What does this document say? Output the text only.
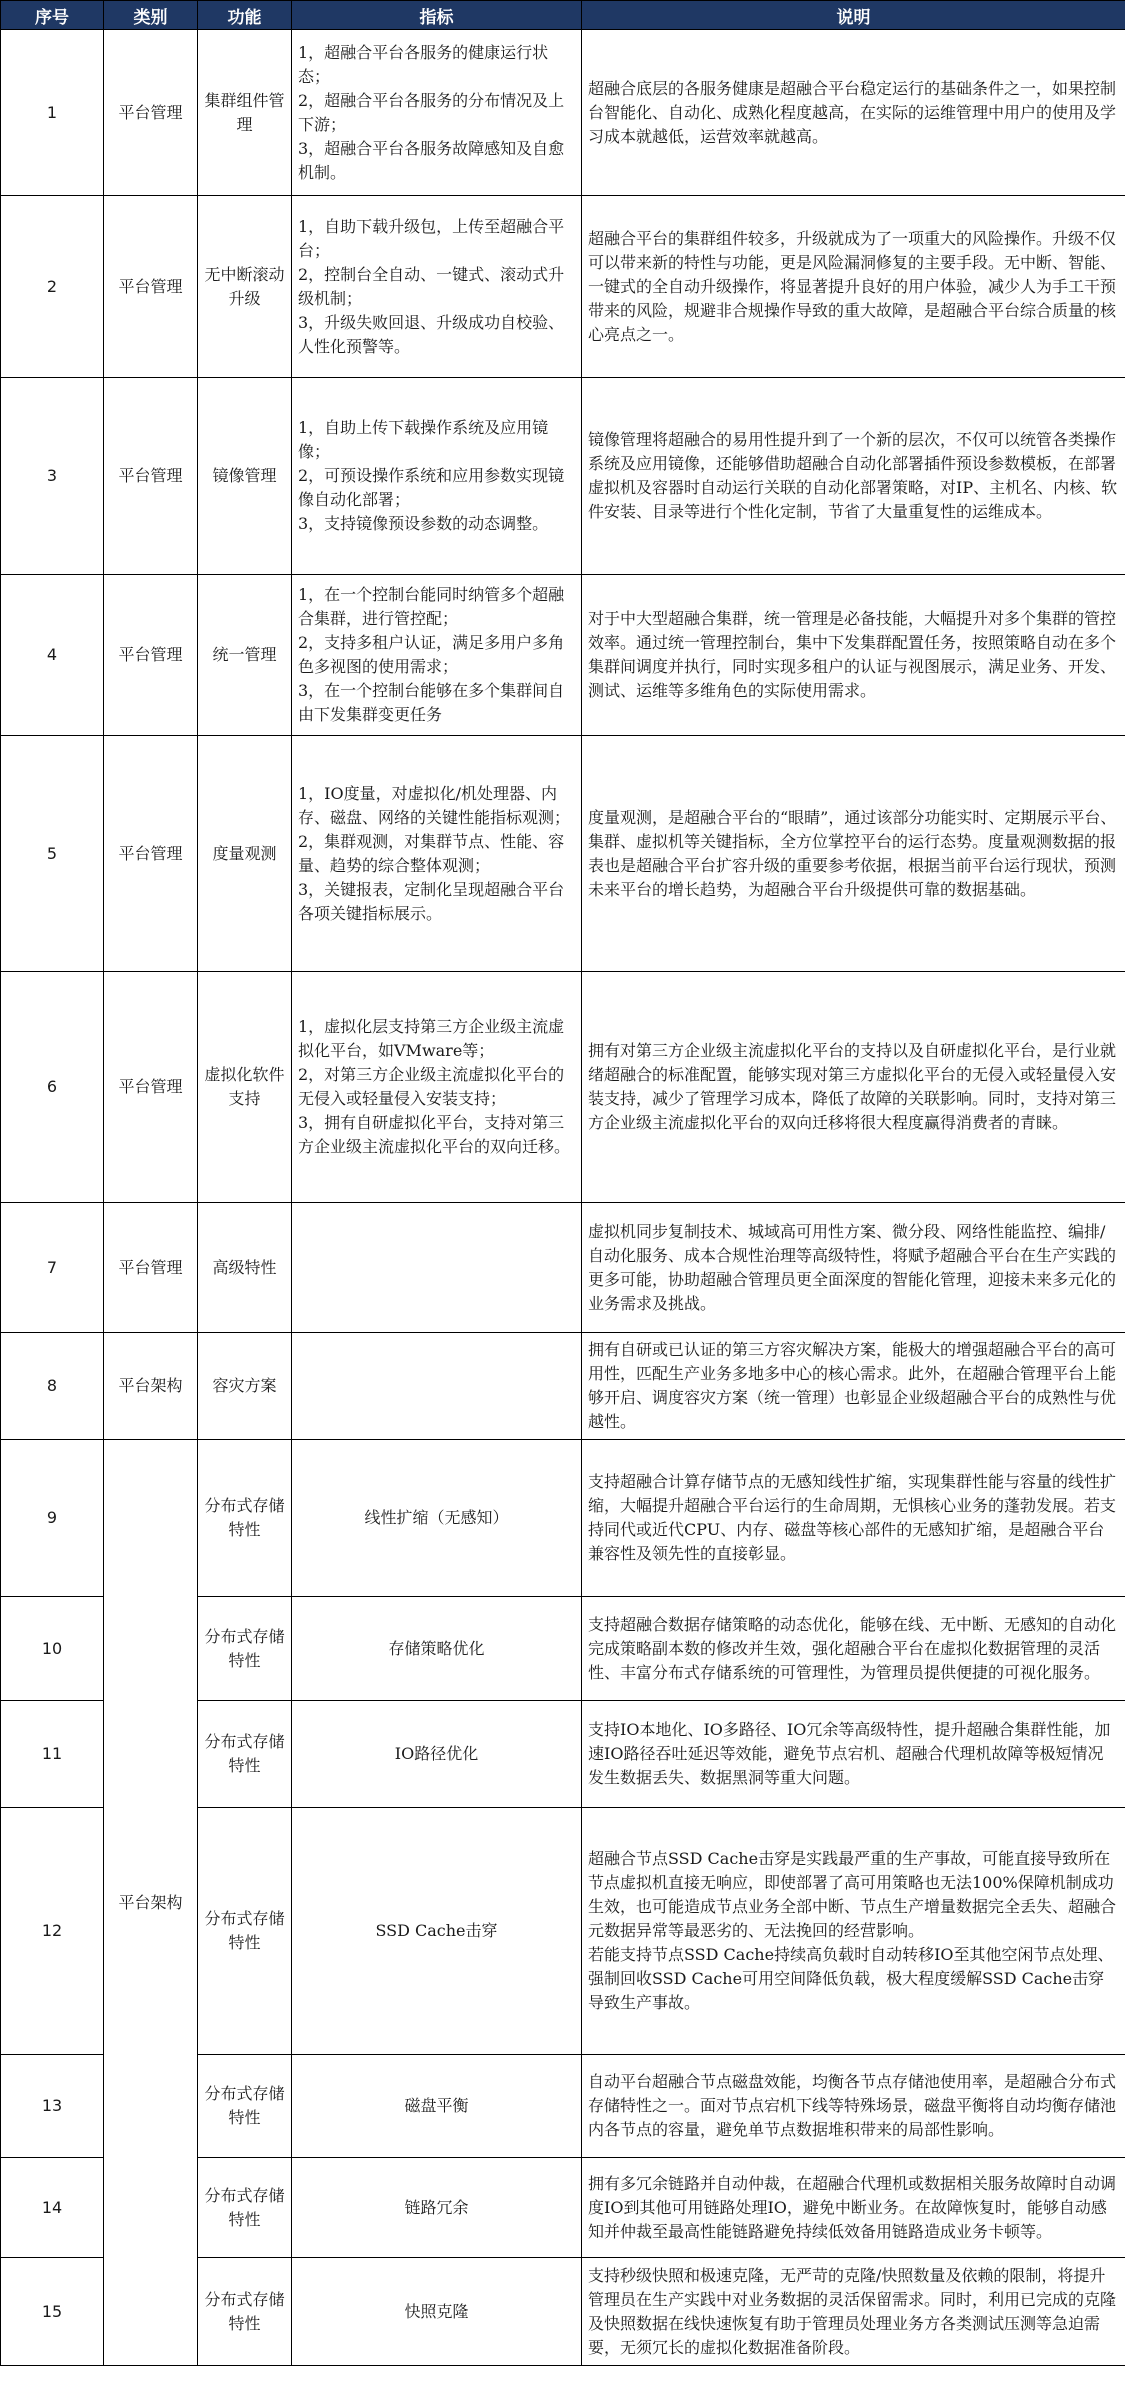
序号	类别	功能	指标	说明
1	平台管理	集群组件管理	1，超融合平台各服务的健康运行状态；
2，超融合平台各服务的分布情况及上下游；
3，超融合平台各服务故障感知及自愈机制。	超融合底层的各服务健康是超融合平台稳定运行的基础条件之一，如果控制台智能化、自动化、成熟化程度越高，在实际的运维管理中用户的使用及学习成本就越低，运营效率就越高。
2	平台管理	无中断滚动升级	1，自助下载升级包，上传至超融合平台；
2，控制台全自动、一键式、滚动式升级机制；
3，升级失败回退、升级成功自校验、人性化预警等。	超融合平台的集群组件较多，升级就成为了一项重大的风险操作。升级不仅可以带来新的特性与功能，更是风险漏洞修复的主要手段。无中断、智能、一键式的全自动升级操作，将显著提升良好的用户体验，减少人为手工干预带来的风险，规避非合规操作导致的重大故障，是超融合平台综合质量的核心亮点之一。
3	平台管理	镜像管理	1，自助上传下载操作系统及应用镜像；
2，可预设操作系统和应用参数实现镜像自动化部署；
3，支持镜像预设参数的动态调整。	镜像管理将超融合的易用性提升到了一个新的层次，不仅可以统管各类操作系统及应用镜像，还能够借助超融合自动化部署插件预设参数模板，在部署虚拟机及容器时自动运行关联的自动化部署策略，对IP、主机名、内核、软件安装、目录等进行个性化定制，节省了大量重复性的运维成本。
4	平台管理	统一管理	1，在一个控制台能同时纳管多个超融合集群，进行管控配；
2，支持多租户认证，满足多用户多角色多视图的使用需求；
3，在一个控制台能够在多个集群间自由下发集群变更任务	对于中大型超融合集群，统一管理是必备技能，大幅提升对多个集群的管控效率。通过统一管理控制台，集中下发集群配置任务，按照策略自动在多个集群间调度并执行，同时实现多租户的认证与视图展示，满足业务、开发、测试、运维等多维角色的实际使用需求。
5	平台管理	度量观测	1，IO度量，对虚拟化/机处理器、内存、磁盘、网络的关键性能指标观测；
2，集群观测，对集群节点、性能、容量、趋势的综合整体观测；
3，关键报表，定制化呈现超融合平台各项关键指标展示。	度量观测，是超融合平台的“眼睛”，通过该部分功能实时、定期展示平台、集群、虚拟机等关键指标，全方位掌控平台的运行态势。度量观测数据的报表也是超融合平台扩容升级的重要参考依据，根据当前平台运行现状，预测未来平台的增长趋势，为超融合平台升级提供可靠的数据基础。
6	平台管理	虚拟化软件支持	1，虚拟化层支持第三方企业级主流虚拟化平台，如VMware等；
2，对第三方企业级主流虚拟化平台的无侵入或轻量侵入安装支持；
3，拥有自研虚拟化平台，支持对第三方企业级主流虚拟化平台的双向迁移。	拥有对第三方企业级主流虚拟化平台的支持以及自研虚拟化平台，是行业就绪超融合的标准配置，能够实现对第三方虚拟化平台的无侵入或轻量侵入安装支持，减少了管理学习成本，降低了故障的关联影响。同时，支持对第三方企业级主流虚拟化平台的双向迁移将很大程度赢得消费者的青睐。
7	平台管理	高级特性		虚拟机同步复制技术、城域高可用性方案、微分段、网络性能监控、编排/自动化服务、成本合规性治理等高级特性，将赋予超融合平台在生产实践的更多可能，协助超融合管理员更全面深度的智能化管理，迎接未来多元化的业务需求及挑战。
8	平台架构	容灾方案		拥有自研或已认证的第三方容灾解决方案，能极大的增强超融合平台的高可用性，匹配生产业务多地多中心的核心需求。此外，在超融合管理平台上能够开启、调度容灾方案（统一管理）也彰显企业级超融合平台的成熟性与优越性。
9	平台架构	分布式存储特性	线性扩缩（无感知）	支持超融合计算存储节点的无感知线性扩缩，实现集群性能与容量的线性扩缩，大幅提升超融合平台运行的生命周期，无惧核心业务的蓬勃发展。若支持同代或近代CPU、内存、磁盘等核心部件的无感知扩缩，是超融合平台兼容性及领先性的直接彰显。
10		分布式存储特性	存储策略优化	支持超融合数据存储策略的动态优化，能够在线、无中断、无感知的自动化完成策略副本数的修改并生效，强化超融合平台在虚拟化数据管理的灵活性、丰富分布式存储系统的可管理性，为管理员提供便捷的可视化服务。
11		分布式存储特性	IO路径优化	支持IO本地化、IO多路径、IO冗余等高级特性，提升超融合集群性能，加速IO路径吞吐延迟等效能，避免节点宕机、超融合代理机故障等极短情况发生数据丢失、数据黑洞等重大问题。
12		分布式存储特性	SSD Cache击穿	超融合节点SSD Cache击穿是实践最严重的生产事故，可能直接导致所在节点虚拟机直接无响应，即使部署了高可用策略也无法100%保障机制成功生效，也可能造成节点业务全部中断、节点生产增量数据完全丢失、超融合元数据异常等最恶劣的、无法挽回的经营影响。
若能支持节点SSD Cache持续高负载时自动转移IO至其他空闲节点处理、强制回收SSD Cache可用空间降低负载，极大程度缓解SSD Cache击穿导致生产事故。
13		分布式存储特性	磁盘平衡	自动平台超融合节点磁盘效能，均衡各节点存储池使用率，是超融合分布式存储特性之一。面对节点宕机下线等特殊场景，磁盘平衡将自动均衡存储池内各节点的容量，避免单节点数据堆积带来的局部性影响。
14		分布式存储特性	链路冗余	拥有多冗余链路并自动仲裁，在超融合代理机或数据相关服务故障时自动调度IO到其他可用链路处理IO，避免中断业务。在故障恢复时，能够自动感知并仲裁至最高性能链路避免持续低效备用链路造成业务卡顿等。
15		分布式存储特性	快照克隆	支持秒级快照和极速克隆，无严苛的克隆/快照数量及依赖的限制，将提升管理员在生产实践中对业务数据的灵活保留需求。同时，利用已完成的克隆及快照数据在线快速恢复有助于管理员处理业务方各类测试压测等急迫需要，无须冗长的虚拟化数据准备阶段。
